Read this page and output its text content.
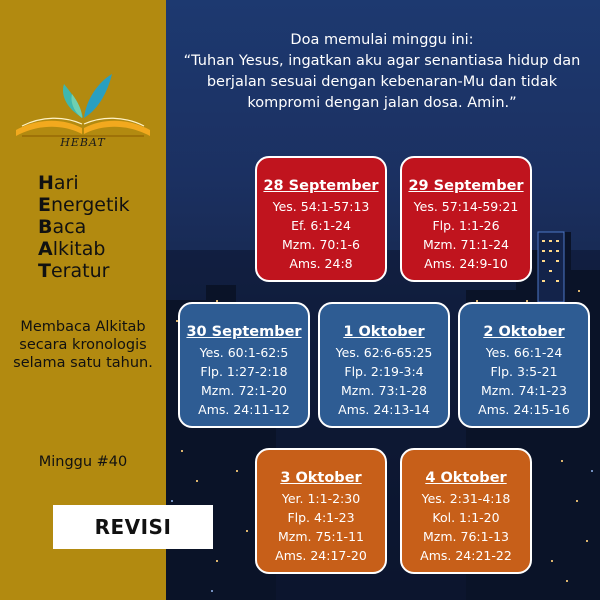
HEBAT
Hari
Energetik
Baca
Alkitab
Teratur
Membaca Alkitab secara kronologis selama satu tahun.
Minggu #40
REVISI
Doa memulai minggu ini:
“Tuhan Yesus, ingatkan aku agar senantiasa hidup dan berjalan sesuai dengan kebenaran-Mu dan tidak kompromi dengan jalan dosa. Amin.”
28 September
Yes. 54:1-57:13
Ef. 6:1-24
Mzm. 70:1-6
Ams. 24:8
29 September
Yes. 57:14-59:21
Flp. 1:1-26
Mzm. 71:1-24
Ams. 24:9-10
30 September
Yes. 60:1-62:5
Flp. 1:27-2:18
Mzm. 72:1-20
Ams. 24:11-12
1 Oktober
Yes. 62:6-65:25
Flp. 2:19-3:4
Mzm. 73:1-28
Ams. 24:13-14
2 Oktober
Yes. 66:1-24
Flp. 3:5-21
Mzm. 74:1-23
Ams. 24:15-16
3 Oktober
Yer. 1:1-2:30
Flp. 4:1-23
Mzm. 75:1-11
Ams. 24:17-20
4 Oktober
Yes. 2:31-4:18
Kol. 1:1-20
Mzm. 76:1-13
Ams. 24:21-22
